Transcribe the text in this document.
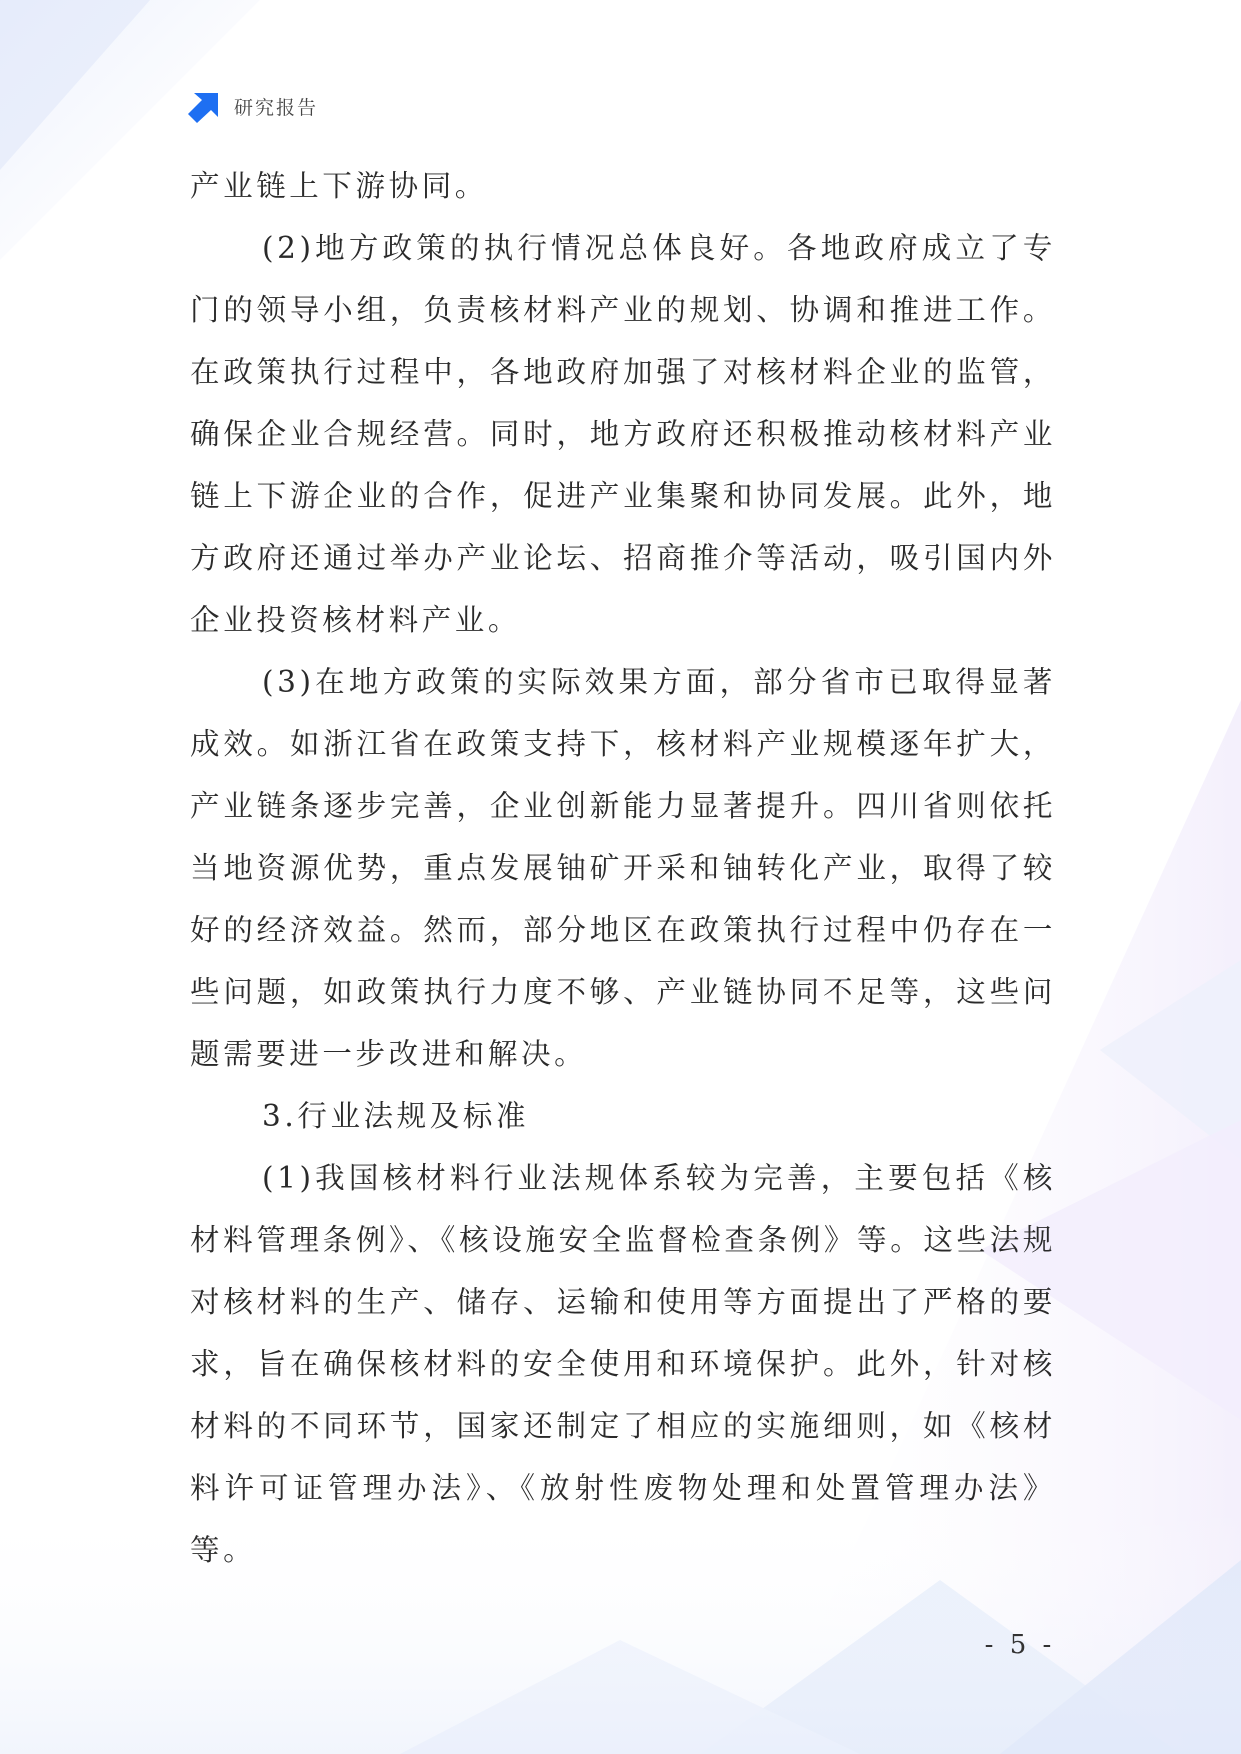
研究报告

产业链上下游协同。

(2)地方政策的执行情况总体良好。各地政府成立了专门的领导小组，负责核材料产业的规划、协调和推进工作。在政策执行过程中，各地政府加强了对核材料企业的监管，确保企业合规经营。同时，地方政府还积极推动核材料产业链上下游企业的合作，促进产业集聚和协同发展。此外，地方政府还通过举办产业论坛、招商推介等活动，吸引国内外企业投资核材料产业。

(3)在地方政策的实际效果方面，部分省市已取得显著成效。如浙江省在政策支持下，核材料产业规模逐年扩大，产业链条逐步完善，企业创新能力显著提升。四川省则依托当地资源优势，重点发展铀矿开采和铀转化产业，取得了较好的经济效益。然而，部分地区在政策执行过程中仍存在一些问题，如政策执行力度不够、产业链协同不足等，这些问题需要进一步改进和解决。

3.行业法规及标准

(1)我国核材料行业法规体系较为完善，主要包括《核材料管理条例》、《核设施安全监督检查条例》等。这些法规对核材料的生产、储存、运输和使用等方面提出了严格的要求，旨在确保核材料的安全使用和环境保护。此外，针对核材料的不同环节，国家还制定了相应的实施细则，如《核材料许可证管理办法》、《放射性废物处理和处置管理办法》等。

- 5 -
